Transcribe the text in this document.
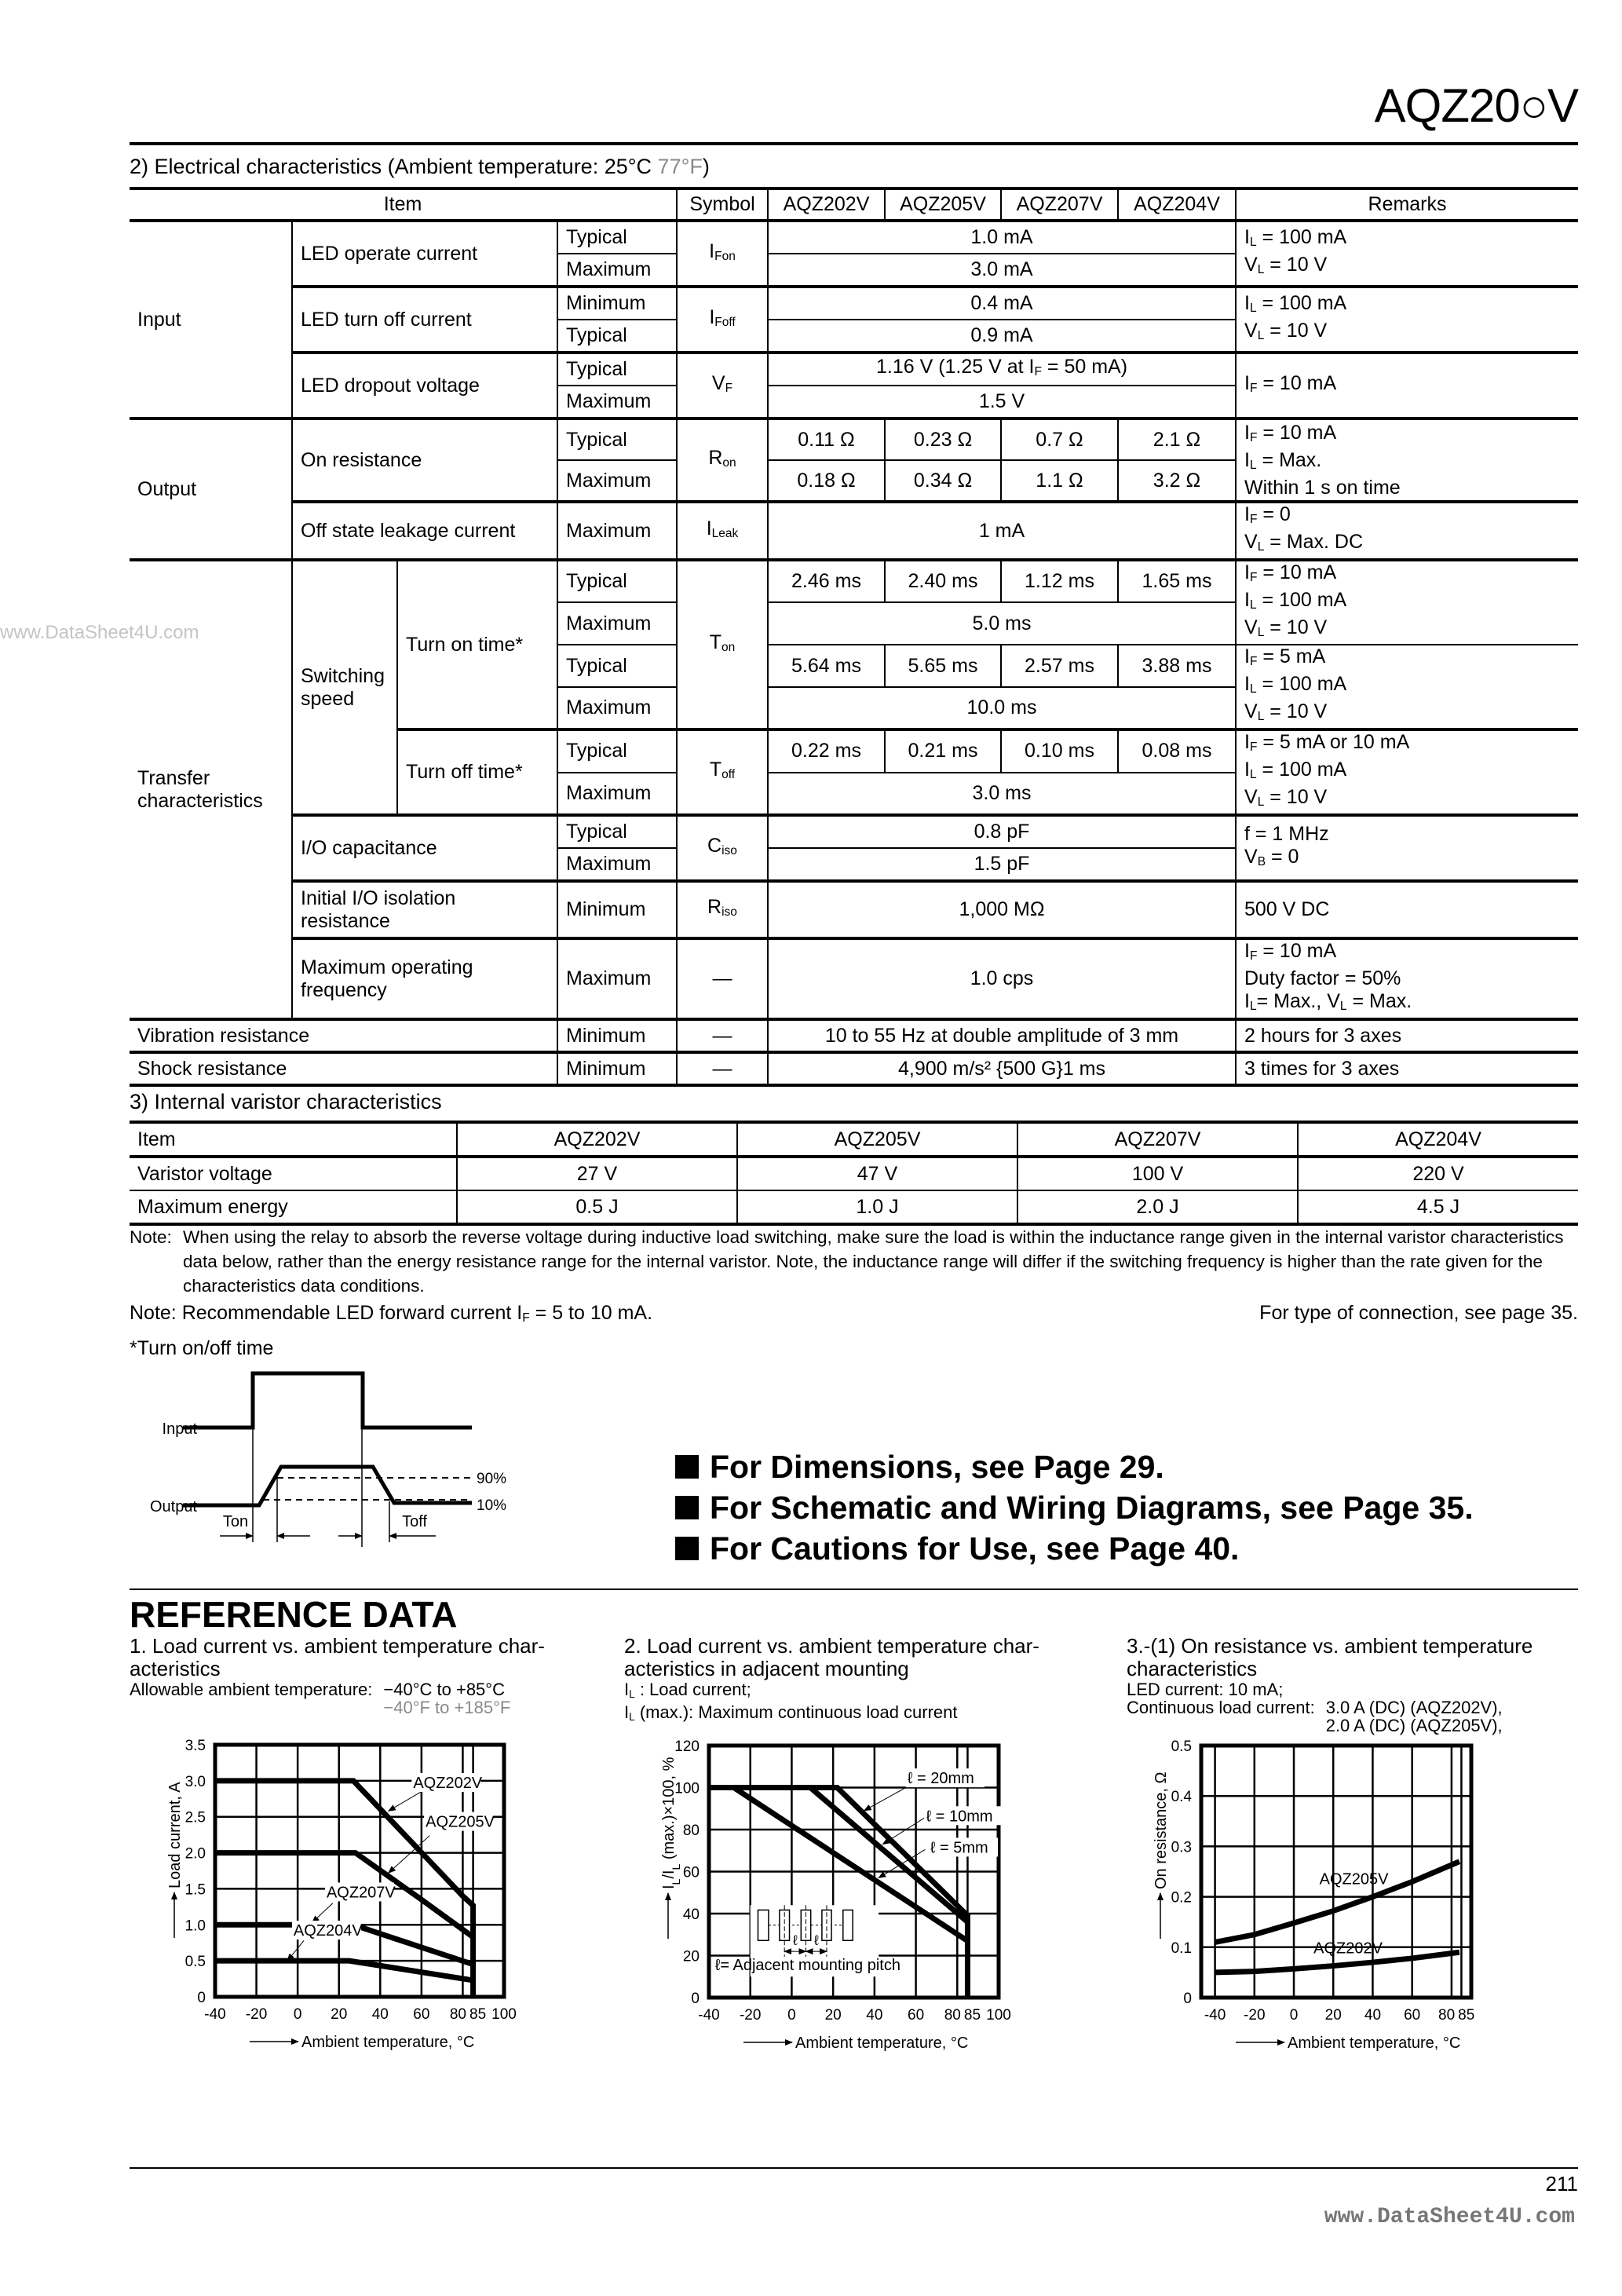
AQZ20○V
www.DataSheet4U.com
2) Electrical characteristics (Ambient temperature: 25°C 77°F)
Item				Symbol	AQZ202V	AQZ205V	AQZ207V	AQZ204V	Remarks
Input	LED operate current		Typical	$I_{Fon}$	1.0 mA				$I_L = 100$ mA
$V_L = 10$ V

			Maximum		3.0 mA				
	LED turn off current		Minimum	$I_{Foff}$	0.4 mA				$I_L = 100$ mA
$V_L = 10$ V

			Typical		0.9 mA				
	LED dropout voltage		Typical	$V_F$	1.16 V (1.25 V at $I_F = 50$ mA)				$I_F = 10$ mA

			Maximum		1.5 V				
Output	On resistance		Typical	$R_{on}$	0.11 Ω	0.23 Ω	0.7 Ω	2.1 Ω	$I_F = 10$ mA
$I_L$ = Max.
Within 1 s on time

			Maximum		0.18 Ω	0.34 Ω	1.1 Ω	3.2 Ω	
	Off state leakage current		Maximum	$I_{Leak}$	1 mA				$I_F = 0$
$V_L$ = Max. DC

Transfer characteristics	Switching speed	Turn on time*	Typical	$T_{on}$	2.46 ms	2.40 ms	1.12 ms	1.65 ms	$I_F = 10$ mA
$I_L = 100$ mA
$V_L = 10$ V

			Maximum		5.0 ms				
			Typical		5.64 ms	5.65 ms	2.57 ms	3.88 ms	$I_F = 5$ mA
$I_L = 100$ mA
$V_L = 10$ V

			Maximum		10.0 ms				
		Turn off time*	Typical	$T_{off}$	0.22 ms	0.21 ms	0.10 ms	0.08 ms	$I_F = 5$ mA or 10 mA
$I_L = 100$ mA
$V_L = 10$ V

			Maximum		3.0 ms				
	I/O capacitance		Typical	$C_{iso}$	0.8 pF				f = 1 MHz
$V_B = 0$

			Maximum		1.5 pF				
	Initial I/O isolation resistance		Minimum	$R_{iso}$	1,000 MΩ				500 V DC

	Maximum operating frequency		Maximum	—	1.0 cps				$I_F = 10$ mA
Duty factor = 50%
$I_L=$ Max., $V_L$ = Max.

Vibration resistance			Minimum	—	10 to 55 Hz at double amplitude of 3 mm				2 hours for 3 axes

Shock resistance			Minimum	—	4,900 m/s² {500 G}1 ms				3 times for 3 axes
3) Internal varistor characteristics
Item	AQZ202V	AQZ205V	AQZ207V	AQZ204V
Varistor voltage	27 V	47 V	100 V	220 V
Maximum energy	0.5 J	1.0 J	2.0 J	4.5 J
Note: When using the relay to absorb the reverse voltage during inductive load switching, make sure the load is within the inductance range given in the internal varistor characteristics data below, rather than the energy resistance range for the internal varistor. Note, the inductance range will differ if the switching frequency is higher than the rate given for the characteristics data conditions.
Note: Recommendable LED forward current $I_F = 5$ to 10 mA.	For type of connection, see page 35.
*Turn on/off time
For Dimensions, see Page 29.
For Schematic and Wiring Diagrams, see Page 35.
For Cautions for Use, see Page 40.
REFERENCE DATA
1. Load current vs. ambient temperature char-
acteristics
Allowable ambient temperature: −40°C to +85°C
−40°F to +185°F
2. Load current vs. ambient temperature char-
acteristics in adjacent mounting
$I_L$ : Load current;
$I_L$ (max.): Maximum continuous load current
3.-(1) On resistance vs. ambient temperature
characteristics
LED current: 10 mA;
Continuous load current: 3.0 A (DC) (AQZ202V),
2.0 A (DC) (AQZ205V),
Input
Output
90%
10%
Ton	Toff
AQZ202V
AQZ205V
AQZ207V
AQZ204V
-40 -20 0 20 40 60 80 85 100
0
0.5
1.0
1.5
2.0
2.5
3.0
3.5
Ambient temperature, °C
Load current, A
ℓ ℓ
ℓ= Adjacent mounting pitch
ℓ = 20mm
ℓ = 10mm
ℓ = 5mm
-40 -20 0 20 40 60 80 85 100
0
20
40
60
80
100
120
Ambient temperature, °C
$I_L/I_L$ (max.)×100, %
AQZ205V
AQZ202V
-40 -20 0 20 40 60 80 85
0
0.1
0.2
0.3
0.4
0.5
Ambient temperature, °C
On resistance, Ω
211
www.DataSheet4U.com
